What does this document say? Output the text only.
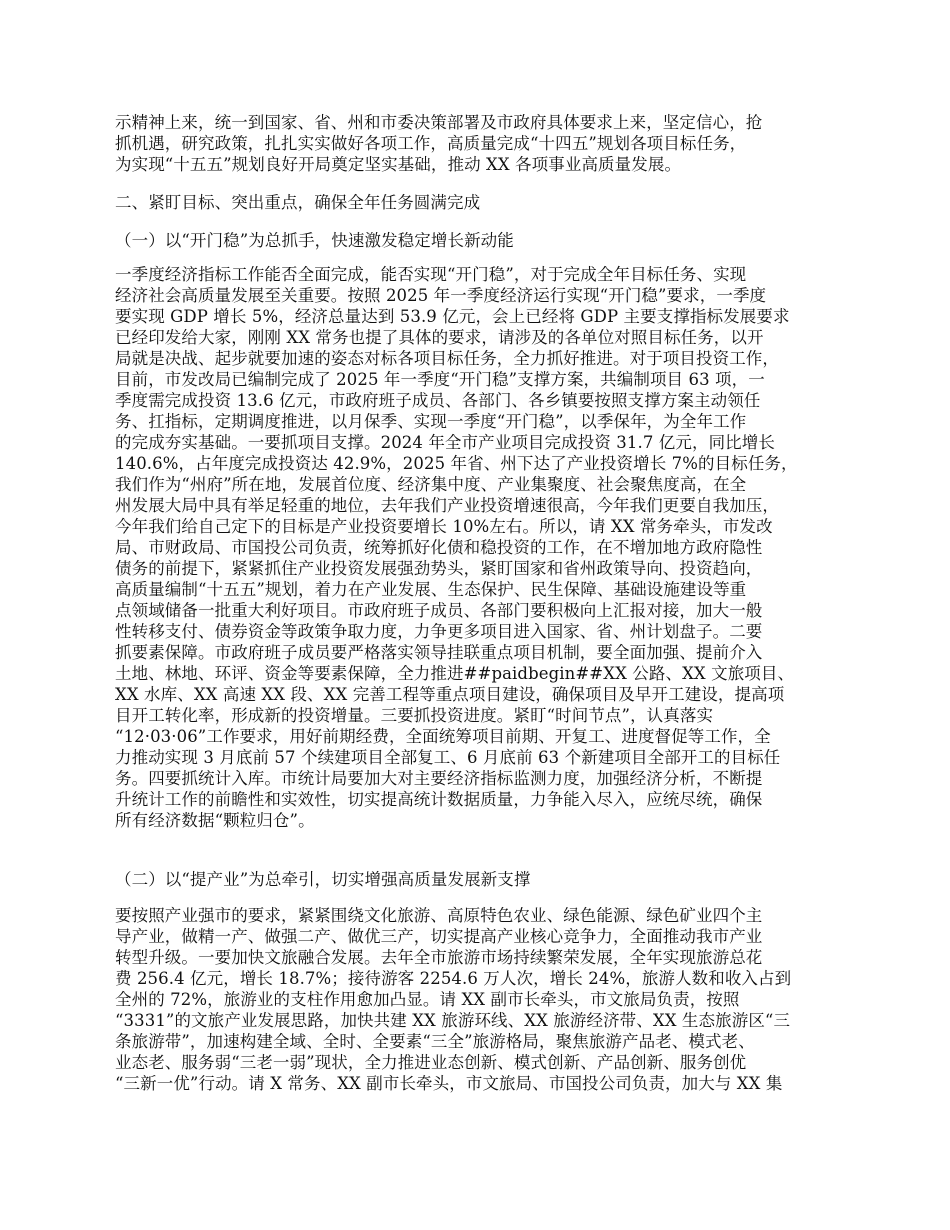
示精神上来，统一到国家、省、州和市委决策部署及市政府具体要求上来，坚定信心，抢
抓机遇，研究政策，扎扎实实做好各项工作，高质量完成“十四五”规划各项目标任务，
为实现“十五五”规划良好开局奠定坚实基础，推动 XX 各项事业高质量发展。
二、紧盯目标、突出重点，确保全年任务圆满完成
（一）以“开门稳”为总抓手，快速激发稳定增长新动能
一季度经济指标工作能否全面完成，能否实现“开门稳”，对于完成全年目标任务、实现
经济社会高质量发展至关重要。按照 2025 年一季度经济运行实现“开门稳”要求，一季度
要实现 GDP 增长 5%，经济总量达到 53.9 亿元，会上已经将 GDP 主要支撑指标发展要求
已经印发给大家，刚刚 XX 常务也提了具体的要求，请涉及的各单位对照目标任务，以开
局就是决战、起步就要加速的姿态对标各项目标任务，全力抓好推进。对于项目投资工作，
目前，市发改局已编制完成了 2025 年一季度“开门稳”支撑方案，共编制项目 63 项，一
季度需完成投资 13.6 亿元，市政府班子成员、各部门、各乡镇要按照支撑方案主动领任
务、扛指标，定期调度推进，以月保季、实现一季度“开门稳”，以季保年，为全年工作
的完成夯实基础。一要抓项目支撑。2024 年全市产业项目完成投资 31.7 亿元，同比增长
140.6%，占年度完成投资达 42.9%，2025 年省、州下达了产业投资增长 7%的目标任务，
我们作为“州府”所在地，发展首位度、经济集中度、产业集聚度、社会聚焦度高，在全
州发展大局中具有举足轻重的地位，去年我们产业投资增速很高，今年我们更要自我加压，
今年我们给自己定下的目标是产业投资要增长 10%左右。所以，请 XX 常务牵头，市发改
局、市财政局、市国投公司负责，统筹抓好化债和稳投资的工作，在不增加地方政府隐性
债务的前提下，紧紧抓住产业投资发展强劲势头，紧盯国家和省州政策导向、投资趋向，
高质量编制“十五五”规划，着力在产业发展、生态保护、民生保障、基础设施建设等重
点领域储备一批重大利好项目。市政府班子成员、各部门要积极向上汇报对接，加大一般
性转移支付、债券资金等政策争取力度，力争更多项目进入国家、省、州计划盘子。二要
抓要素保障。市政府班子成员要严格落实领导挂联重点项目机制，要全面加强、提前介入
土地、林地、环评、资金等要素保障，全力推进##paidbegin##XX 公路、XX 文旅项目、
XX 水库、XX 高速 XX 段、XX 完善工程等重点项目建设，确保项目及早开工建设，提高项
目开工转化率，形成新的投资增量。三要抓投资进度。紧盯“时间节点”，认真落实
“12·03·06”工作要求，用好前期经费，全面统筹项目前期、开复工、进度督促等工作，全
力推动实现 3 月底前 57 个续建项目全部复工、6 月底前 63 个新建项目全部开工的目标任
务。四要抓统计入库。市统计局要加大对主要经济指标监测力度，加强经济分析，不断提
升统计工作的前瞻性和实效性，切实提高统计数据质量，力争能入尽入，应统尽统，确保
所有经济数据“颗粒归仓”。
（二）以“提产业”为总牵引，切实增强高质量发展新支撑
要按照产业强市的要求，紧紧围绕文化旅游、高原特色农业、绿色能源、绿色矿业四个主
导产业，做精一产、做强二产、做优三产，切实提高产业核心竞争力，全面推动我市产业
转型升级。一要加快文旅融合发展。去年全市旅游市场持续繁荣发展，全年实现旅游总花
费 256.4 亿元，增长 18.7%；接待游客 2254.6 万人次，增长 24%，旅游人数和收入占到
全州的 72%，旅游业的支柱作用愈加凸显。请 XX 副市长牵头，市文旅局负责，按照
“3331”的文旅产业发展思路，加快共建 XX 旅游环线、XX 旅游经济带、XX 生态旅游区“三
条旅游带”，加速构建全域、全时、全要素“三全”旅游格局，聚焦旅游产品老、模式老、
业态老、服务弱“三老一弱”现状，全力推进业态创新、模式创新、产品创新、服务创优
“三新一优”行动。请 X 常务、XX 副市长牵头，市文旅局、市国投公司负责，加大与 XX 集
